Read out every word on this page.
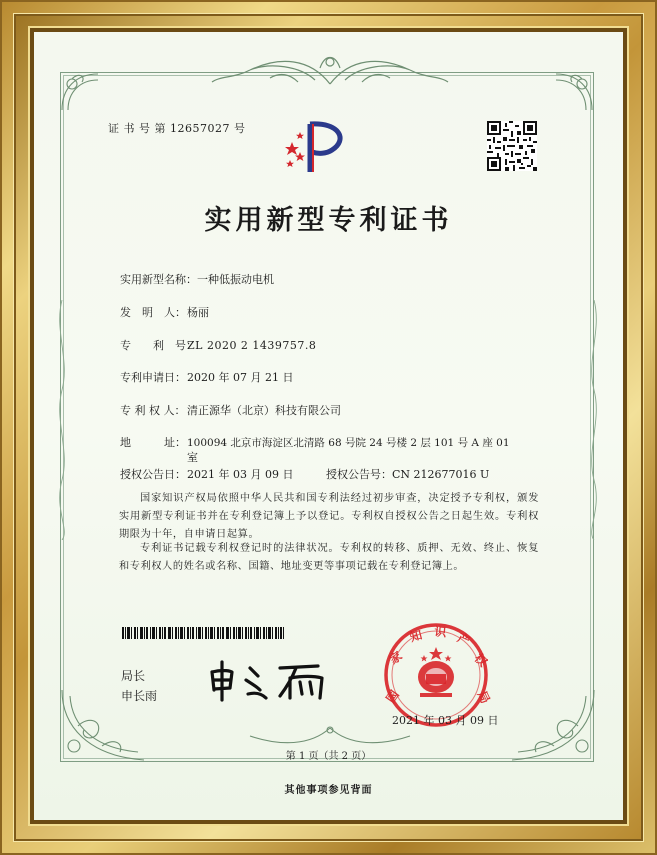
证 书 号 第 12657027 号
实用新型专利证书
实用新型名称：一种低振动电机
发　明　人：杨丽
专　　利　号：ZL 2020 2 1439757.8
专利申请日：2020 年 07 月 21 日
专 利 权 人： 清正源华（北京）科技有限公司
地　　　址：100094 北京市海淀区北清路 68 号院 24 号楼 2 层 101 号 A 座 01
室
授权公告日：2021 年 03 月 09 日	授权公告号：CN 212677016 U
国家知识产权局依照中华人民共和国专利法经过初步审查，决定授予专利权，颁发实用新型专利证书并在专利登记簿上予以登记。专利权自授权公告之日起生效。专利权期限为十年，自申请日起算。
专利证书记载专利权登记时的法律状况。专利权的转移、质押、无效、终止、恢复和专利权人的姓名或名称、国籍、地址变更等事项记载在专利登记簿上。
局长
申长雨	国
家
知 识 产
权
局
2021 年 03 月 09 日
第 1 页（共 2 页）
其他事项参见背面
